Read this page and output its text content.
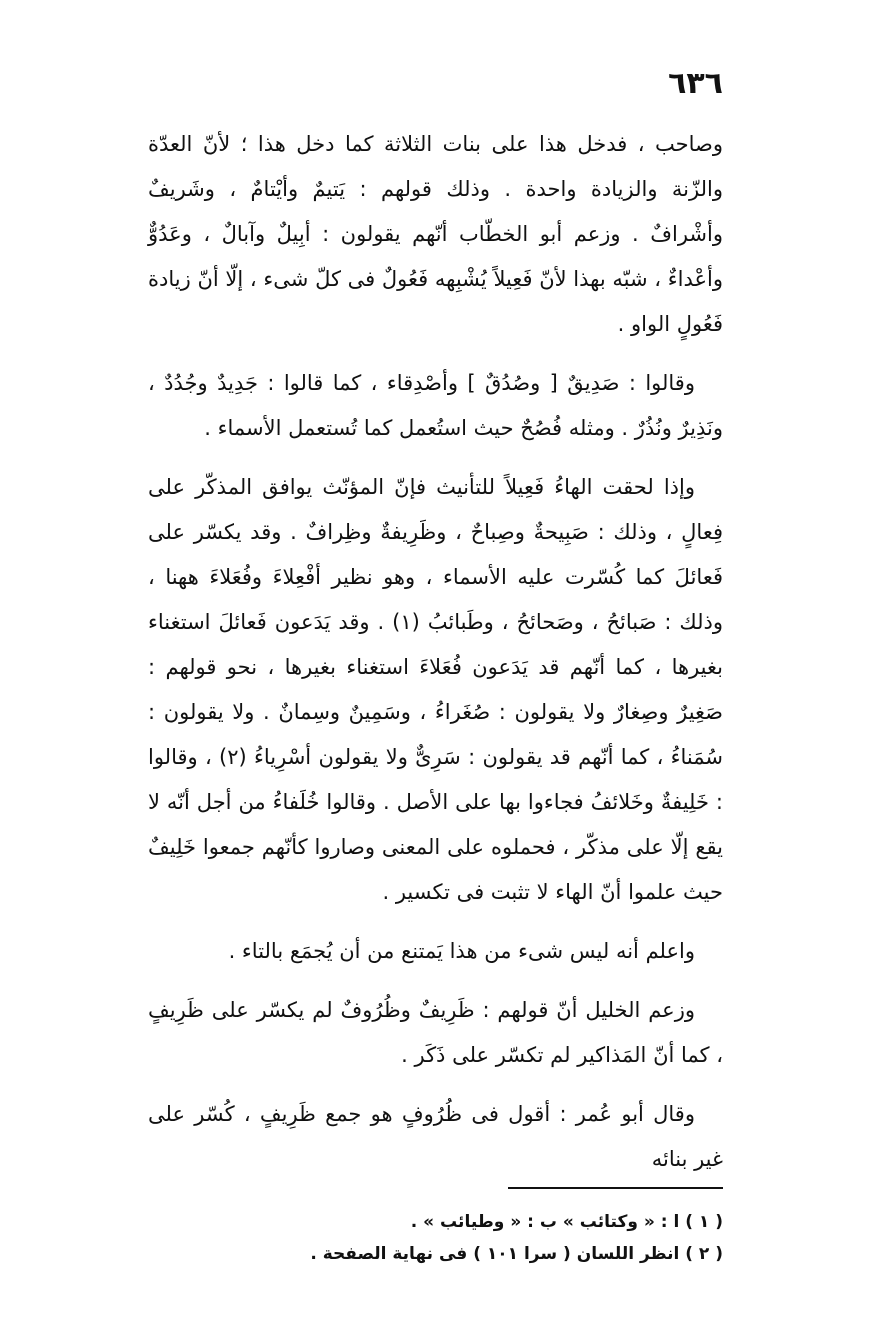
٦٣٦

وصاحب ، فدخل هذا على بنات الثلاثة كما دخل هذا ؛ لأنّ العدّة والزّنة والزيادة واحدة . وذلك قولهم : يَتيمٌ وأيْتامٌ ، وشَريفٌ وأشْرافٌ . وزعم أبو الخطّاب أنّهم يقولون : أبِيلٌ وآبالٌ ، وعَدُوٌّ وأعْداءٌ ، شبّه بهذا لأنّ فَعِيلاً يُشْبِهه فَعُولٌ فى كلّ شىء ، إلّا أنّ زيادة فَعُولٍ الواو .

وقالوا : صَدِيقٌ [ وصُدُقٌ ] وأصْدِقاء ، كما قالوا : جَدِيدٌ وجُدُدٌ ، ونَذِيرٌ ونُذُرٌ . ومثله فُصُحٌ حيث استُعمل كما تُستعمل الأسماء .

وإذا لحقت الهاءُ فَعِيلاً للتأنيث فإنّ المؤنّث يوافق المذكّر على فِعالٍ ، وذلك : صَبِيحةٌ وصِباحٌ ، وظَرِيفةٌ وظِرافٌ . وقد يكسّر على فَعائلَ كما كُسّرت عليه الأسماء ، وهو نظير أفْعِلاءَ وفُعَلاءَ ههنا ، وذلك : صَبائحُ ، وصَحائحُ ، وطَبائبُ (١) . وقد يَدَعون فَعائلَ استغناء بغيرها ، كما أنّهم قد يَدَعون فُعَلاءَ استغناء بغيرها ، نحو قولهم : صَغِيرٌ وصِغارٌ ولا يقولون : صُغَراءُ ، وسَمِينٌ وسِمانٌ . ولا يقولون : سُمَناءُ ، كما أنّهم قد يقولون : سَرِىٌّ ولا يقولون أسْرِياءُ (٢) ، وقالوا : خَلِيفةٌ وخَلائفُ فجاءوا بها على الأصل . وقالوا خُلَفاءُ من أجل أنّه لا يقع إلّا على مذكّر ، فحملوه على المعنى وصاروا كأنّهم جمعوا خَلِيفٌ حيث علموا أنّ الهاء لا تثبت فى تكسير .

واعلم أنه ليس شىء من هذا يَمتنع من أن يُجمَع بالتاء .

وزعم الخليل أنّ قولهم : ظَرِيفٌ وظُرُوفٌ لم يكسّر على ظَرِيفٍ ، كما أنّ المَذاكير لم تكسّر على ذَكَر .

وقال أبو عُمر : أقول فى ظُرُوفٍ هو جمع ظَرِيفٍ ، كُسّر على غير بنائه

( ١ ) ا : « وكتائب » ب : « وطيائب » .

( ٢ ) انظر اللسان ( سرا ١٠١ ) فى نهاية الصفحة .
